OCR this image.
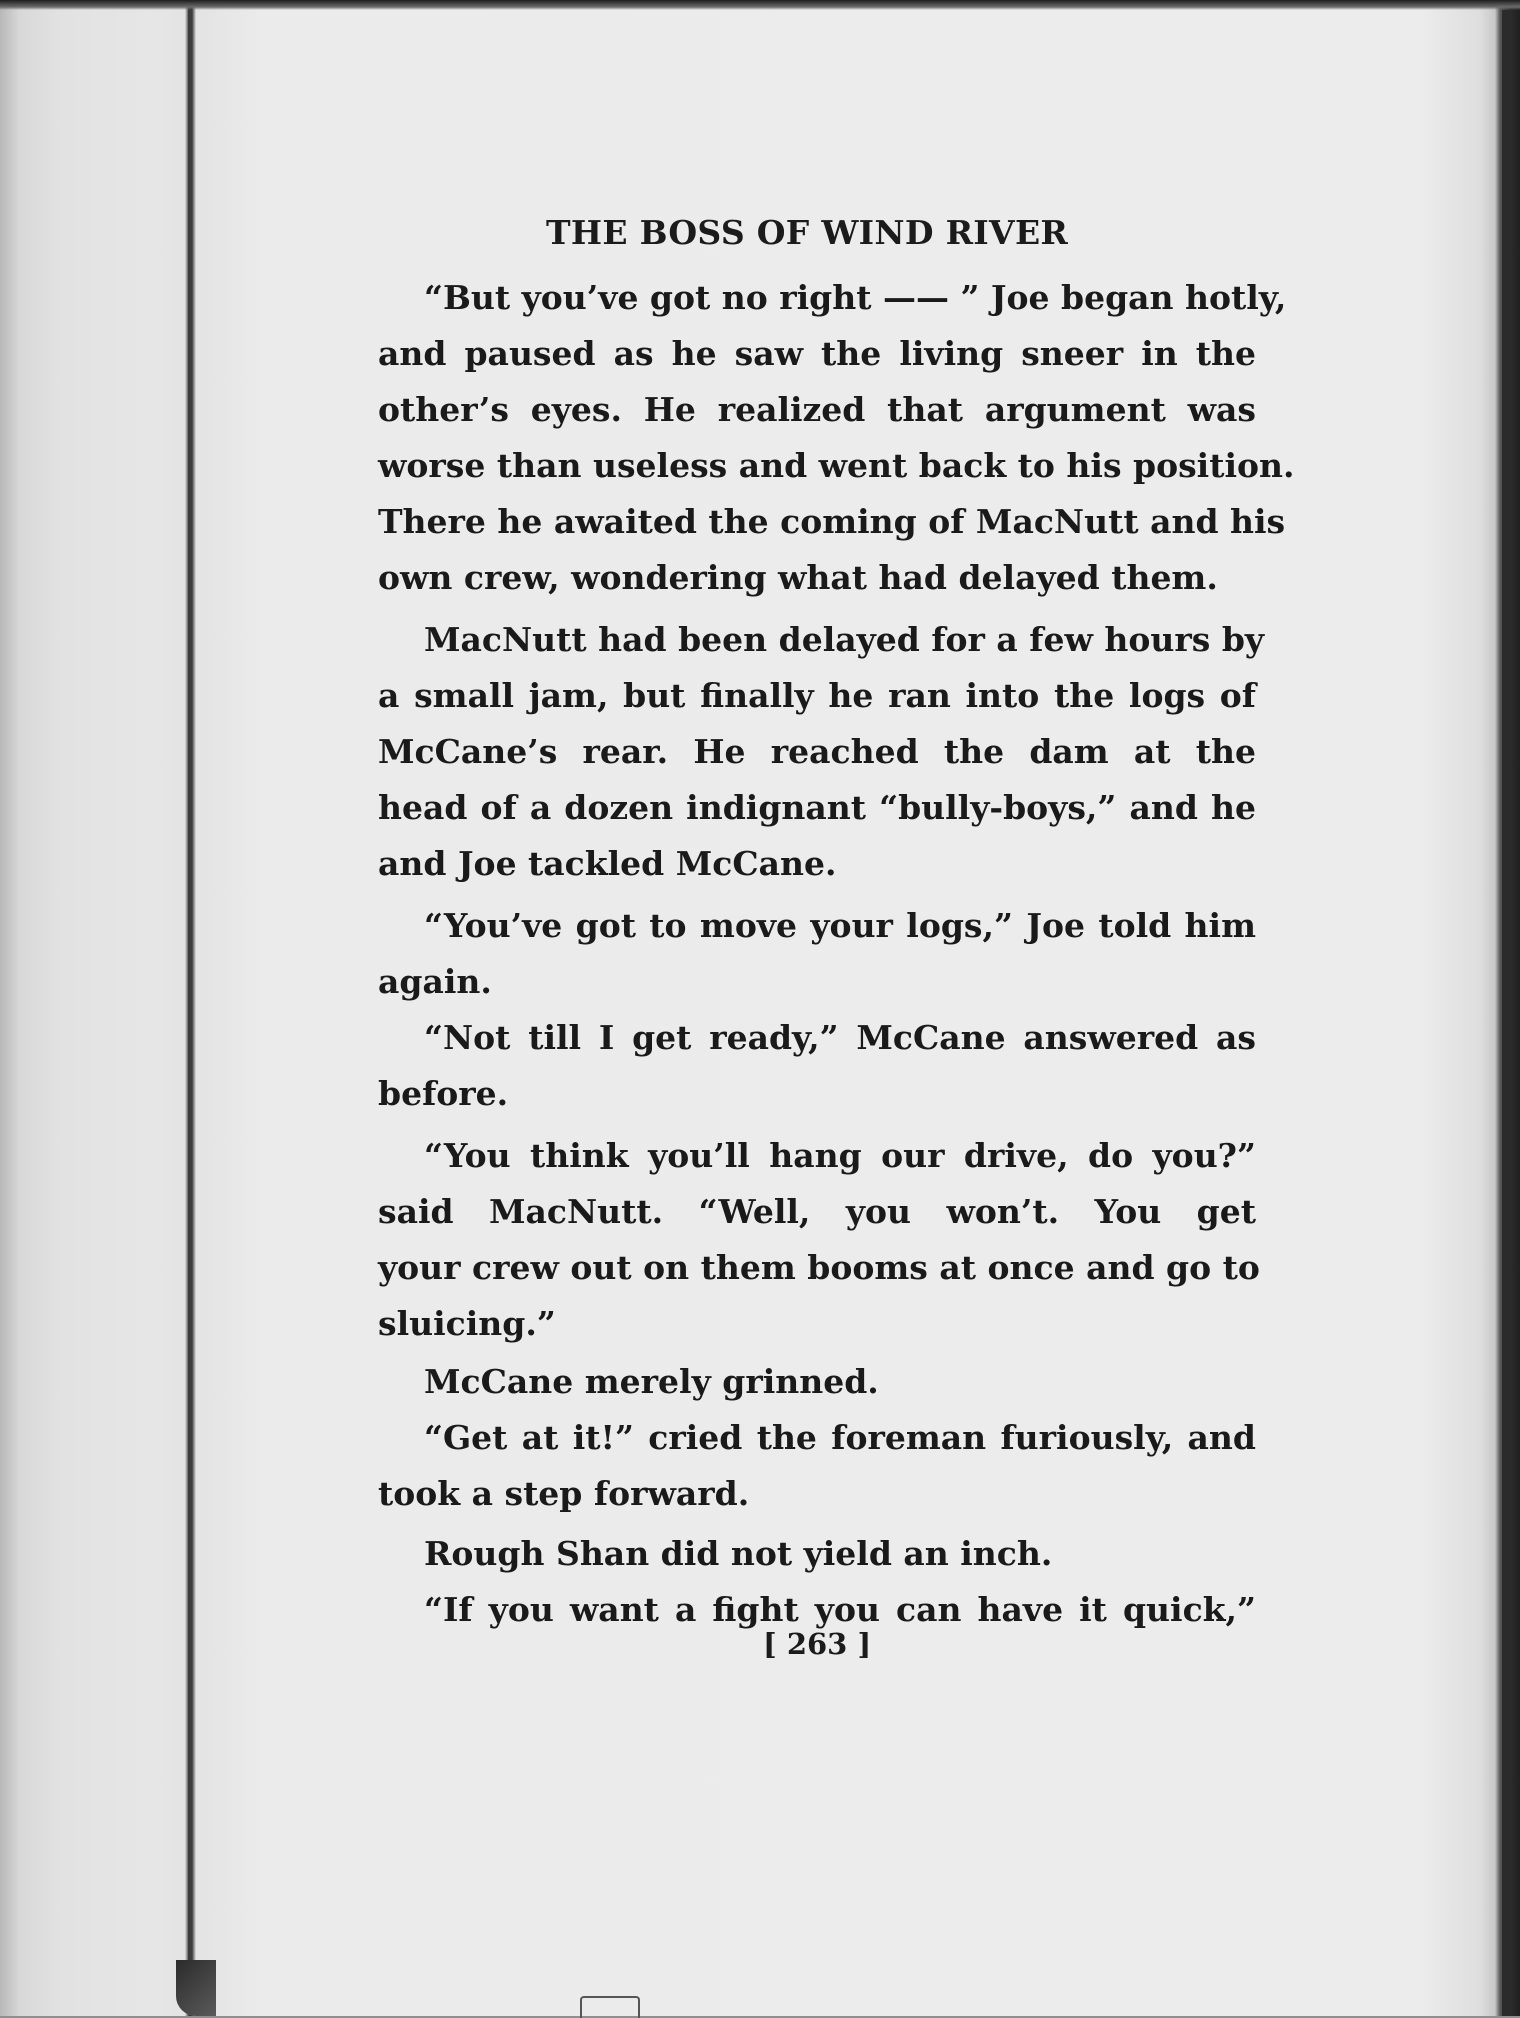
THE BOSS OF WIND RIVER
“But you’ve got no right —— ” Joe began hotly,
and paused as he saw the living sneer in the
other’s eyes. He realized that argument was
worse than useless and went back to his position.
There he awaited the coming of MacNutt and his
own crew, wondering what had delayed them.
MacNutt had been delayed for a few hours by
a small jam, but finally he ran into the logs of
McCane’s rear. He reached the dam at the
head of a dozen indignant “bully-boys,” and he
and Joe tackled McCane.
“You’ve got to move your logs,” Joe told him
again.
“Not till I get ready,” McCane answered as
before.
“You think you’ll hang our drive, do you?”
said MacNutt. “Well, you won’t. You get
your crew out on them booms at once and go to
sluicing.”
McCane merely grinned.
“Get at it!” cried the foreman furiously, and
took a step forward.
Rough Shan did not yield an inch.
“If you want a fight you can have it quick,”
[ 263 ]
